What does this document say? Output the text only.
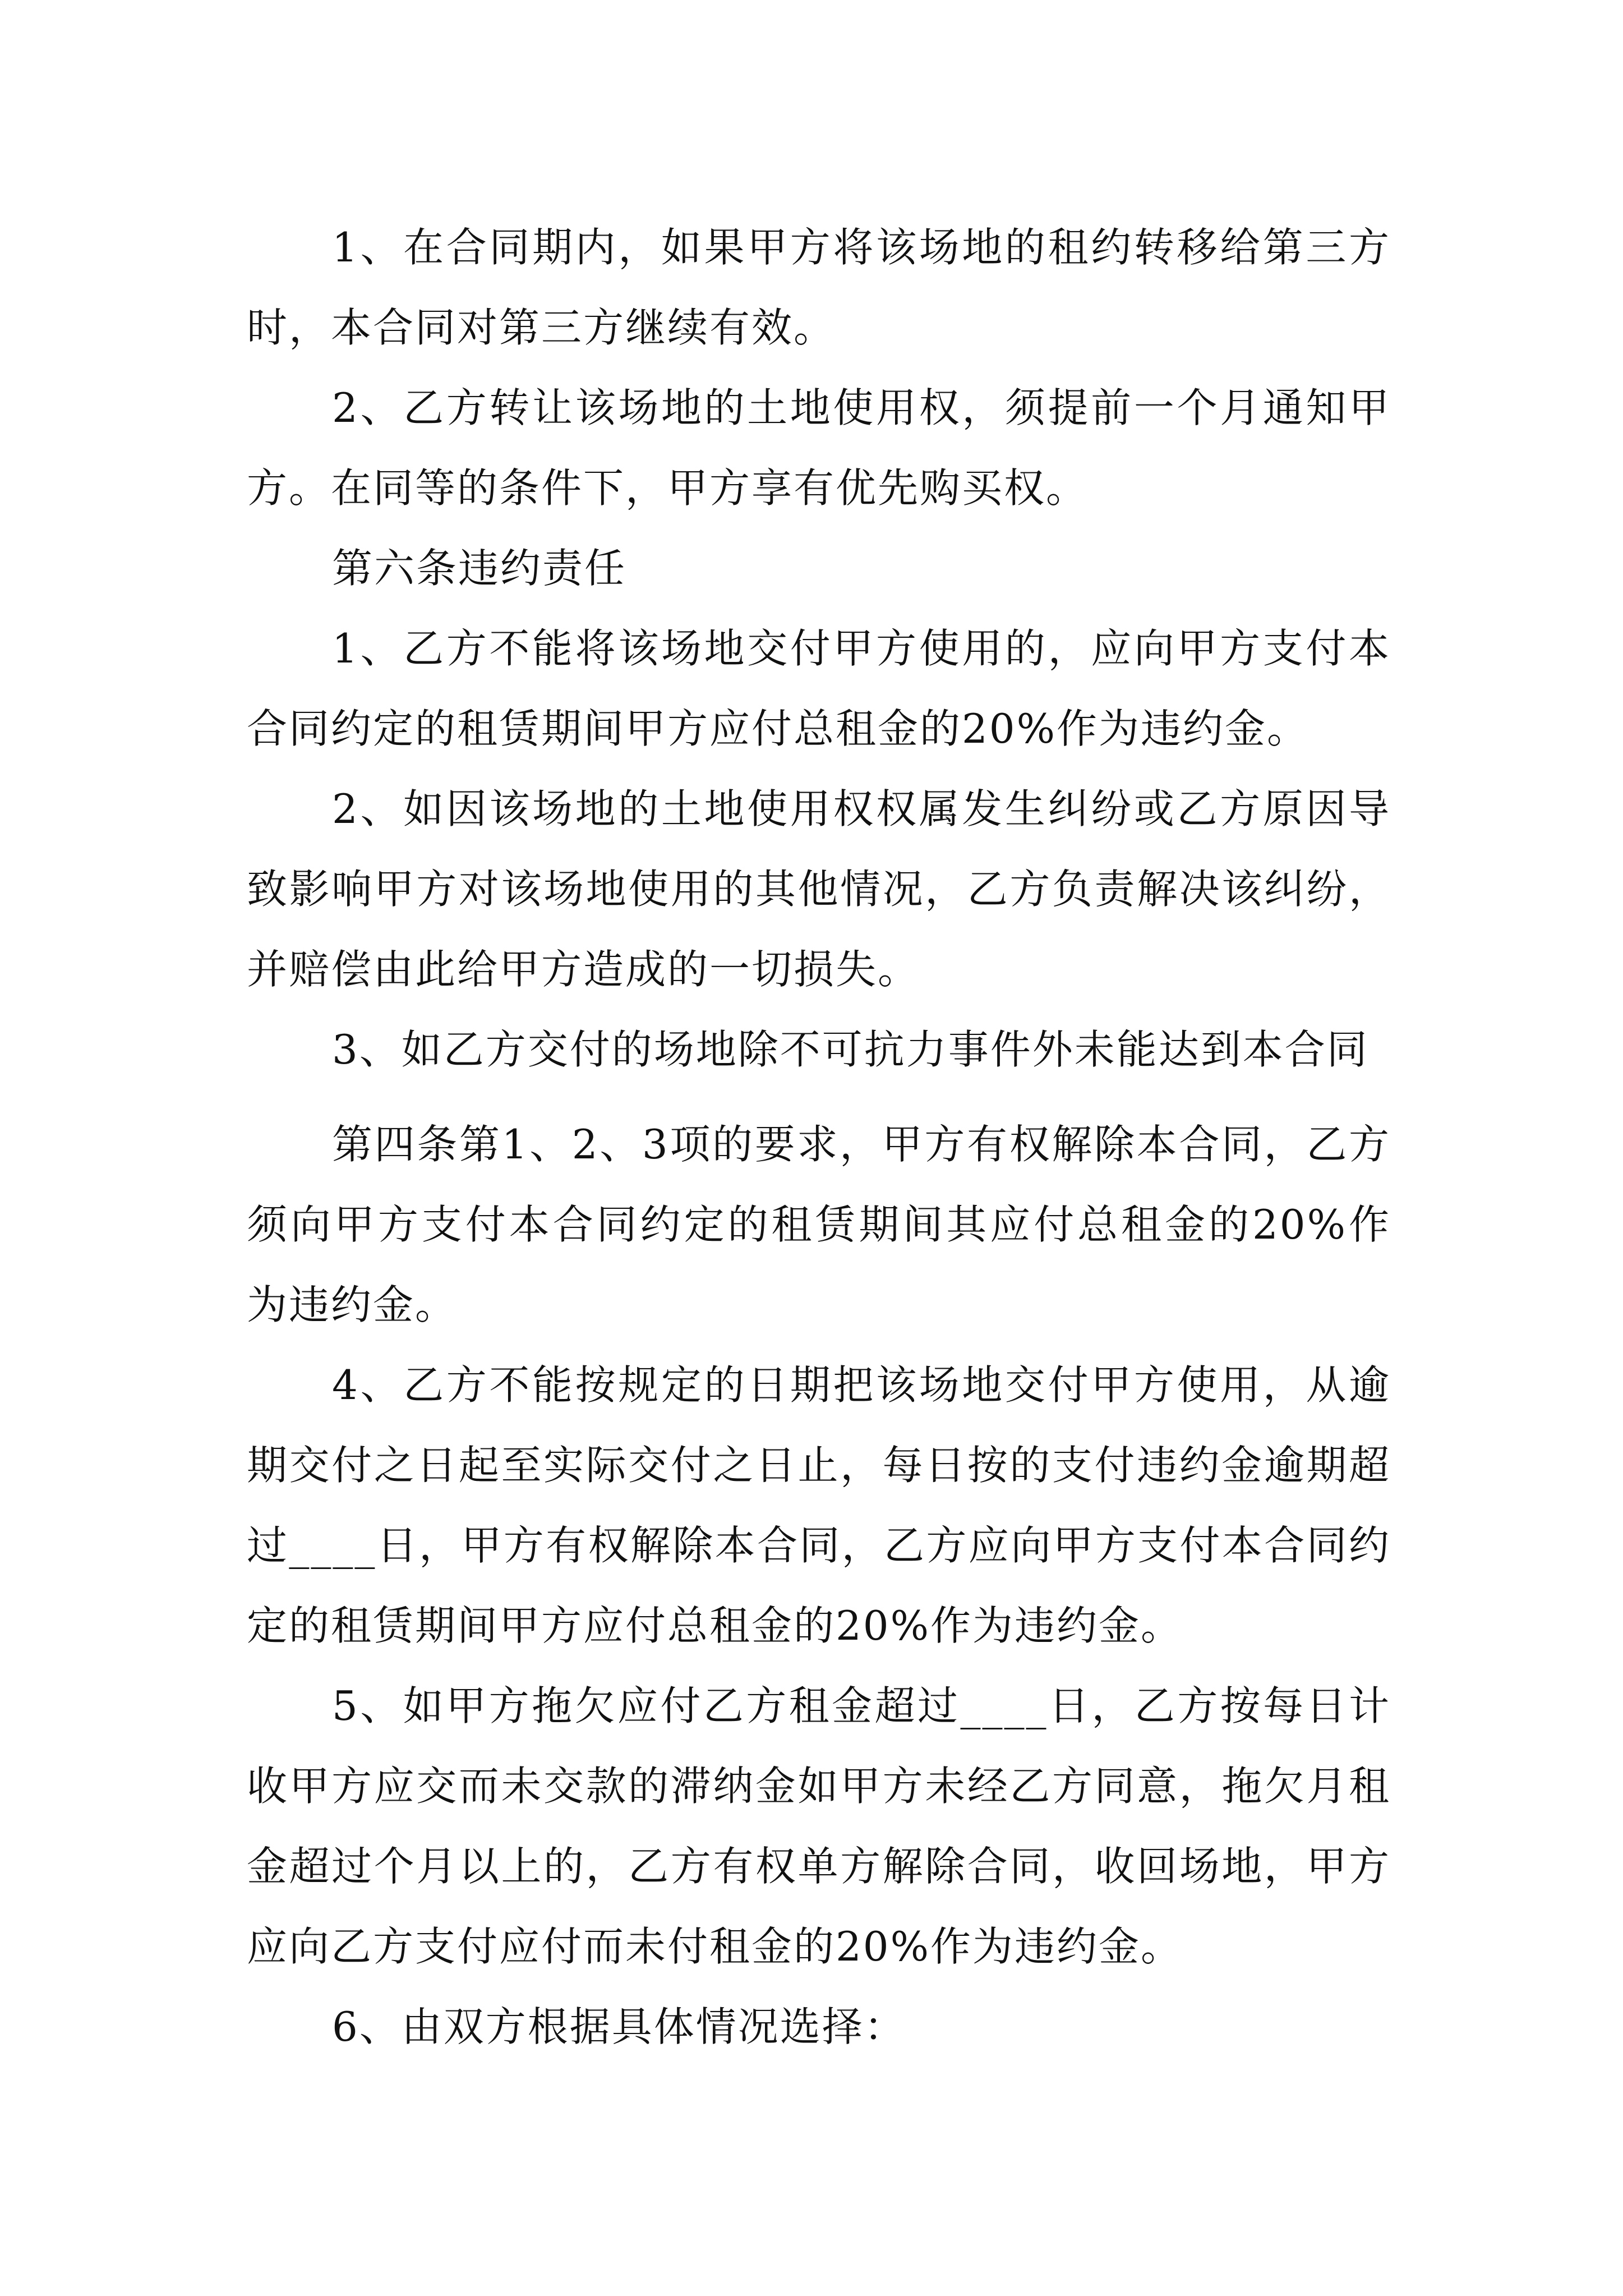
1、在合同期内，如果甲方将该场地的租约转移给第三方时，本合同对第三方继续有效。

2、乙方转让该场地的土地使用权，须提前一个月通知甲方。在同等的条件下，甲方享有优先购买权。

第六条违约责任

1、乙方不能将该场地交付甲方使用的，应向甲方支付本合同约定的租赁期间甲方应付总租金的20%作为违约金。

2、如因该场地的土地使用权权属发生纠纷或乙方原因导致影响甲方对该场地使用的其他情况，乙方负责解决该纠纷，并赔偿由此给甲方造成的一切损失。

3、如乙方交付的场地除不可抗力事件外未能达到本合同

第四条第1、2、3项的要求，甲方有权解除本合同，乙方须向甲方支付本合同约定的租赁期间其应付总租金的20%作为违约金。

4、乙方不能按规定的日期把该场地交付甲方使用，从逾期交付之日起至实际交付之日止，每日按的支付违约金逾期超过____日，甲方有权解除本合同，乙方应向甲方支付本合同约定的租赁期间甲方应付总租金的20%作为违约金。

5、如甲方拖欠应付乙方租金超过____日，乙方按每日计收甲方应交而未交款的滞纳金如甲方未经乙方同意，拖欠月租金超过个月以上的，乙方有权单方解除合同，收回场地，甲方应向乙方支付应付而未付租金的20%作为违约金。

6、由双方根据具体情况选择：
